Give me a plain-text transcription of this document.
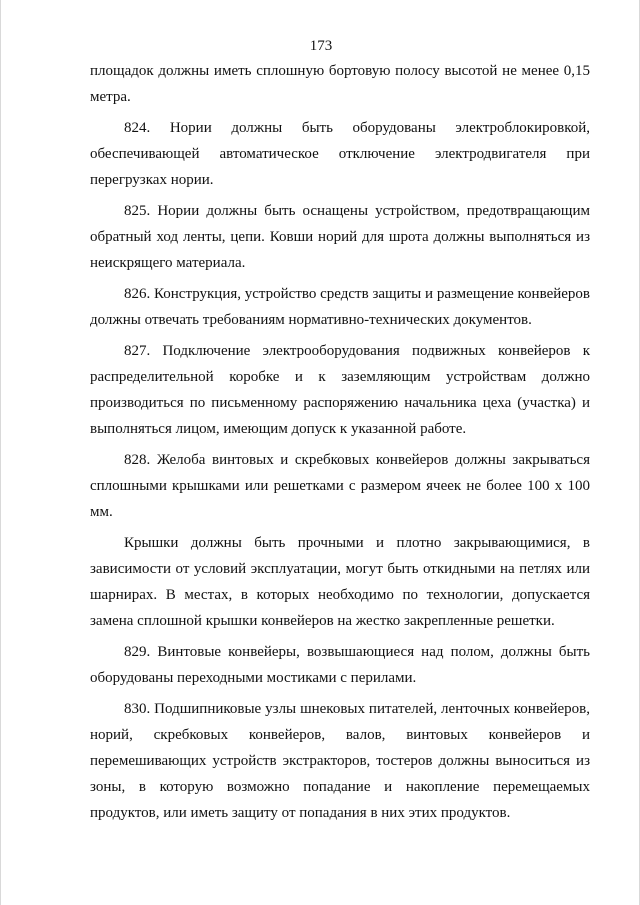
173

площадок должны иметь сплошную бортовую полосу высотой не менее 0,15 метра.

824. Нории должны быть оборудованы электроблокировкой, обеспечивающей автоматическое отключение электродвигателя при перегрузках нории.

825. Нории должны быть оснащены устройством, предотвращающим обратный ход ленты, цепи. Ковши норий для шрота должны выполняться из неискрящего материала.

826. Конструкция, устройство средств защиты и размещение конвейеров должны отвечать требованиям нормативно-технических документов.

827. Подключение электрооборудования подвижных конвейеров к распределительной коробке и к заземляющим устройствам должно производиться по письменному распоряжению начальника цеха (участка) и выполняться лицом, имеющим допуск к указанной работе.

828. Желоба винтовых и скребковых конвейеров должны закрываться сплошными крышками или решетками с размером ячеек не более 100 х 100 мм.

Крышки должны быть прочными и плотно закрывающимися, в зависимости от условий эксплуатации, могут быть откидными на петлях или шарнирах. В местах, в которых необходимо по технологии, допускается замена сплошной крышки конвейеров на жестко закрепленные решетки.

829. Винтовые конвейеры, возвышающиеся над полом, должны быть оборудованы переходными мостиками с перилами.

830. Подшипниковые узлы шнековых питателей, ленточных конвейеров, норий, скребковых конвейеров, валов, винтовых конвейеров и перемешивающих устройств экстракторов, тостеров должны выноситься из зоны, в которую возможно попадание и накопление перемещаемых продуктов, или иметь защиту от попадания в них этих продуктов.
